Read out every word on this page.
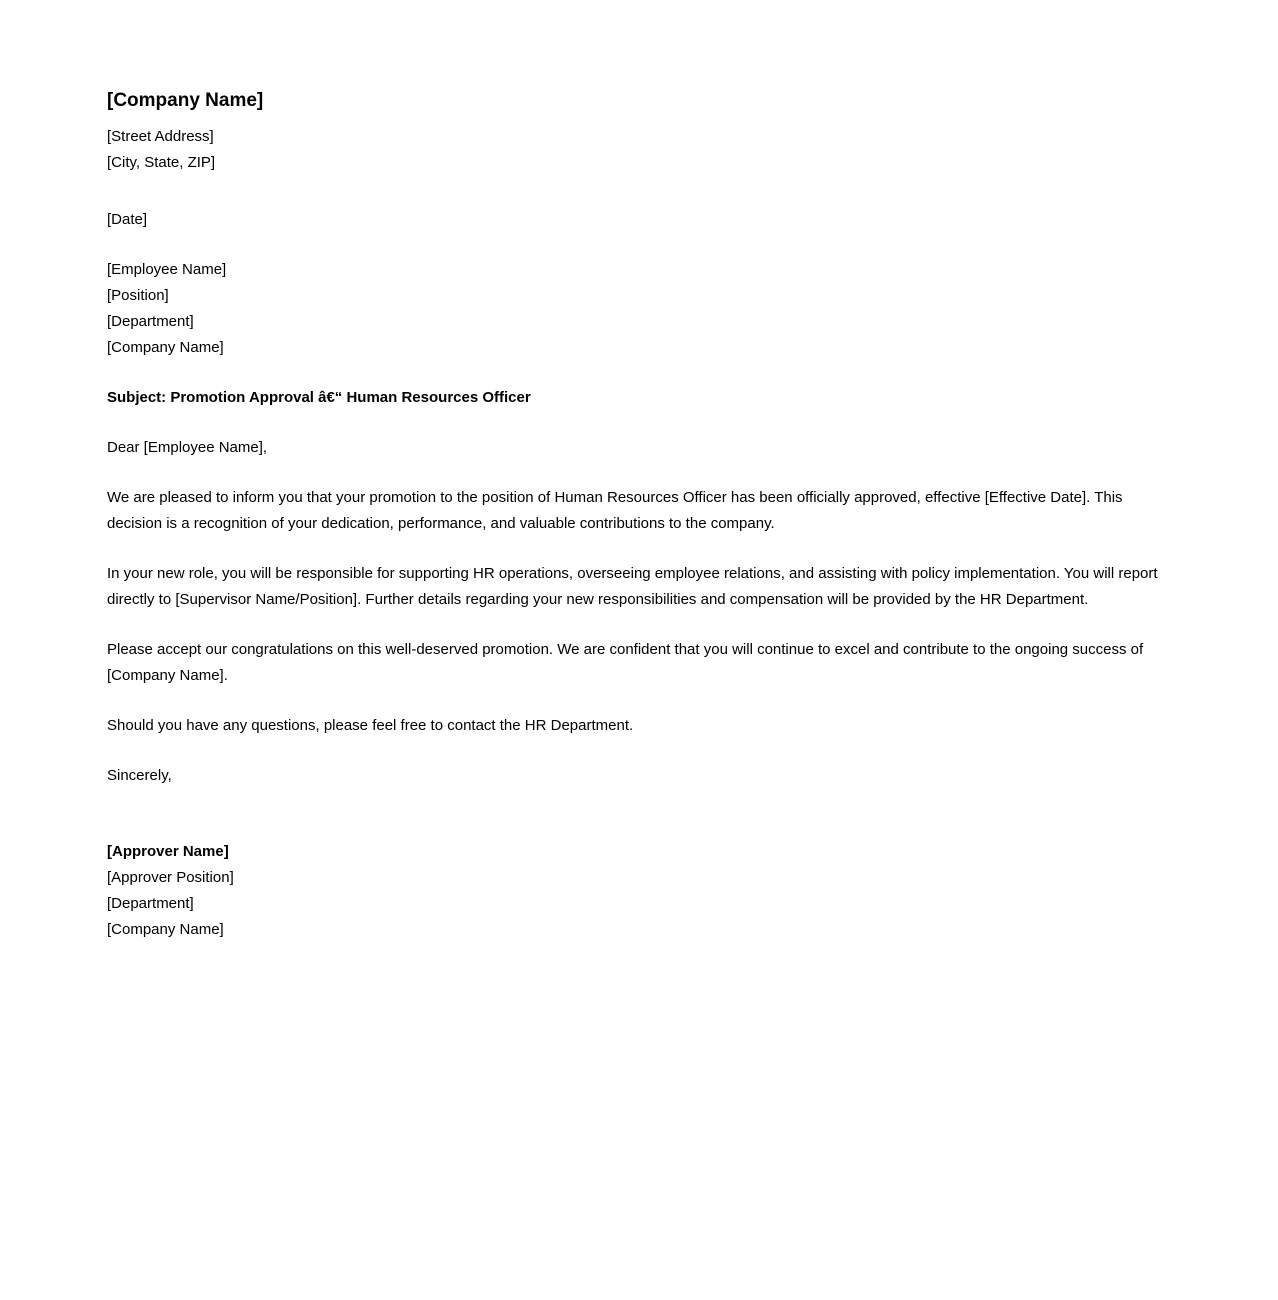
[Company Name]

[Street Address]

[City, State, ZIP]

[Date]

[Employee Name]
[Position]
[Department]
[Company Name]

Subject: Promotion Approval â€“ Human Resources Officer

Dear [Employee Name],

We are pleased to inform you that your promotion to the position of Human Resources Officer has been officially approved, effective [Effective Date]. This decision is a recognition of your dedication, performance, and valuable contributions to the company.

In your new role, you will be responsible for supporting HR operations, overseeing employee relations, and assisting with policy implementation. You will report directly to [Supervisor Name/Position]. Further details regarding your new responsibilities and compensation will be provided by the HR Department.

Please accept our congratulations on this well-deserved promotion. We are confident that you will continue to excel and contribute to the ongoing success of [Company Name].

Should you have any questions, please feel free to contact the HR Department.

Sincerely,

[Approver Name]
[Approver Position]
[Department]
[Company Name]
